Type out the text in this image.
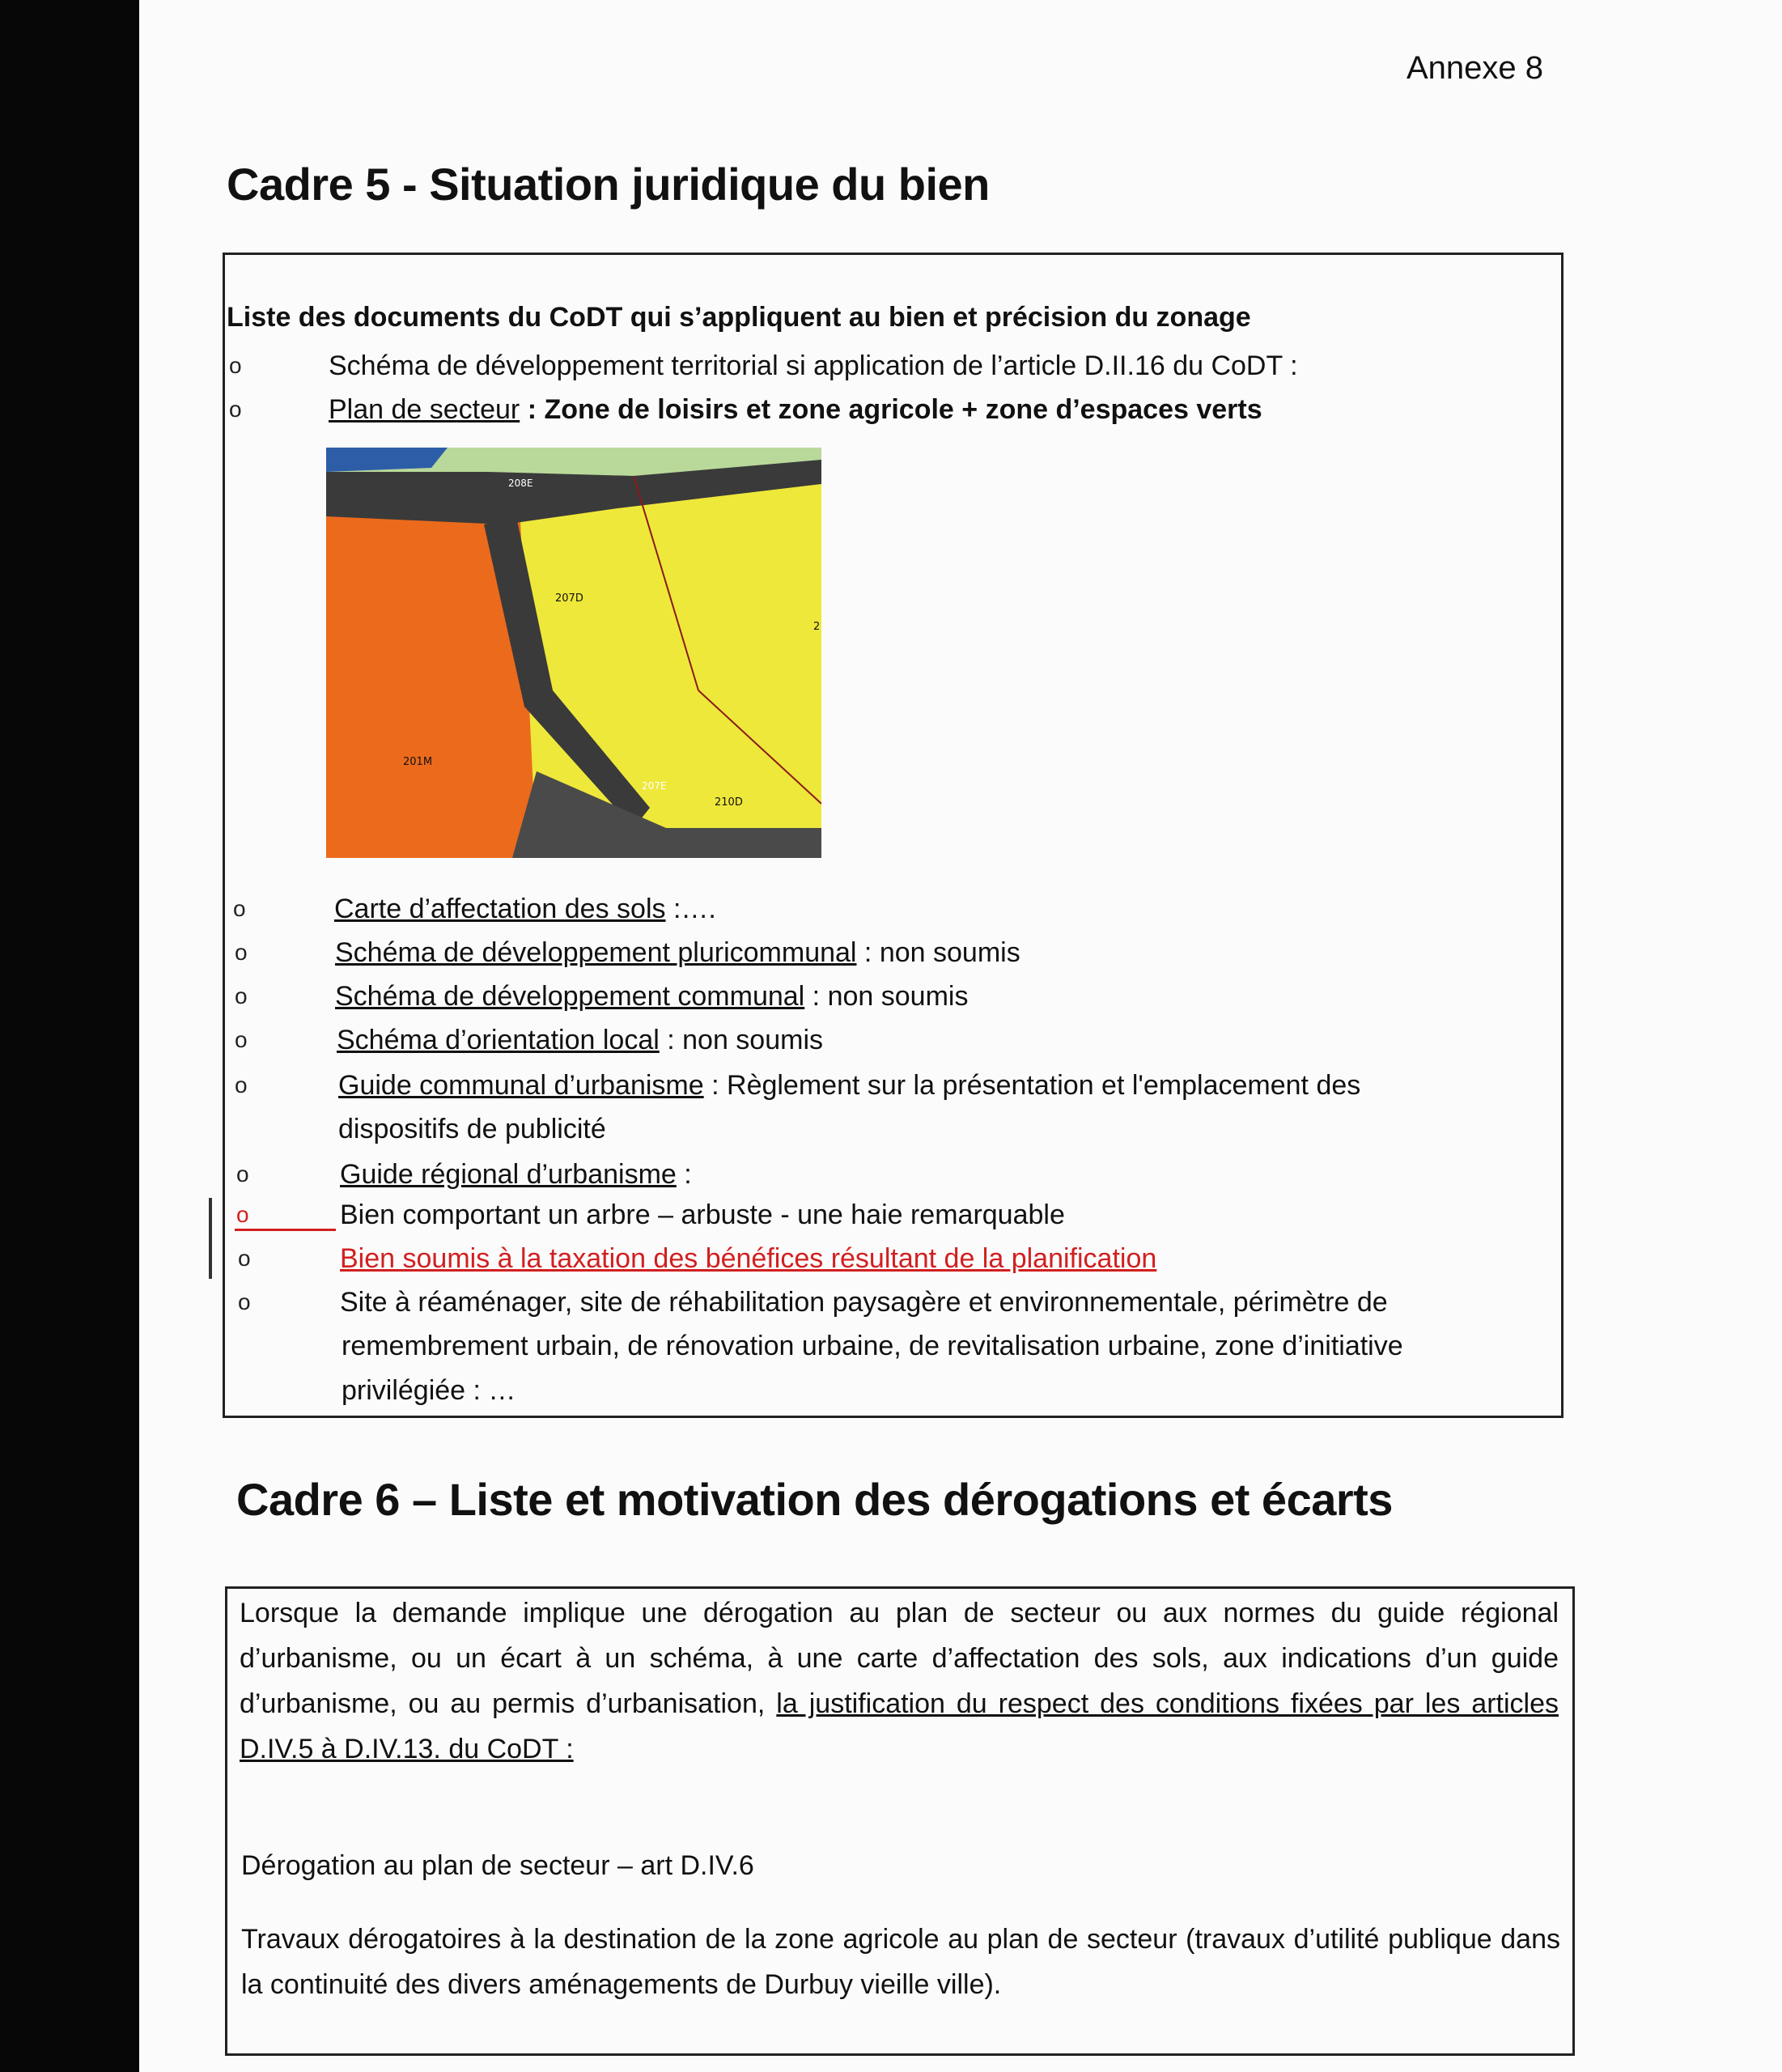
Annexe 8
Cadre 5 - Situation juridique du bien
Liste des documents du CoDT qui s’appliquent au bien et précision du zonage
o	Schéma de développement territorial si application de l’article D.II.16 du CoDT :
o	Plan de secteur : Zone de loisirs et zone agricole + zone d’espaces verts
208E
207D
201M
207E
210D
2
o	Carte d’affectation des sols :….
o	Schéma de développement pluricommunal : non soumis
o	Schéma de développement communal : non soumis
o	Schéma d’orientation local : non soumis
o	Guide communal d’urbanisme : Règlement sur la présentation et l'emplacement des
dispositifs de publicité
o	Guide régional d’urbanisme :
o	Bien comportant un arbre – arbuste - une haie remarquable
o	Bien soumis à la taxation des bénéfices résultant de la planification
o	Site à réaménager, site de réhabilitation paysagère et environnementale, périmètre de
remembrement urbain, de rénovation urbaine, de revitalisation urbaine, zone d’initiative
privilégiée : …
Cadre 6 – Liste et motivation des dérogations et écarts
Lorsque la demande implique une dérogation au plan de secteur ou aux normes du guide régional d’urbanisme, ou un écart à un schéma, à une carte d’affectation des sols, aux indications d’un guide d’urbanisme, ou au permis d’urbanisation, la justification du respect des conditions fixées par les articles D.IV.5 à D.IV.13. du CoDT :
Dérogation au plan de secteur – art D.IV.6
Travaux dérogatoires à la destination de la zone agricole au plan de secteur (travaux d’utilité publique dans la continuité des divers aménagements de Durbuy vieille ville).
